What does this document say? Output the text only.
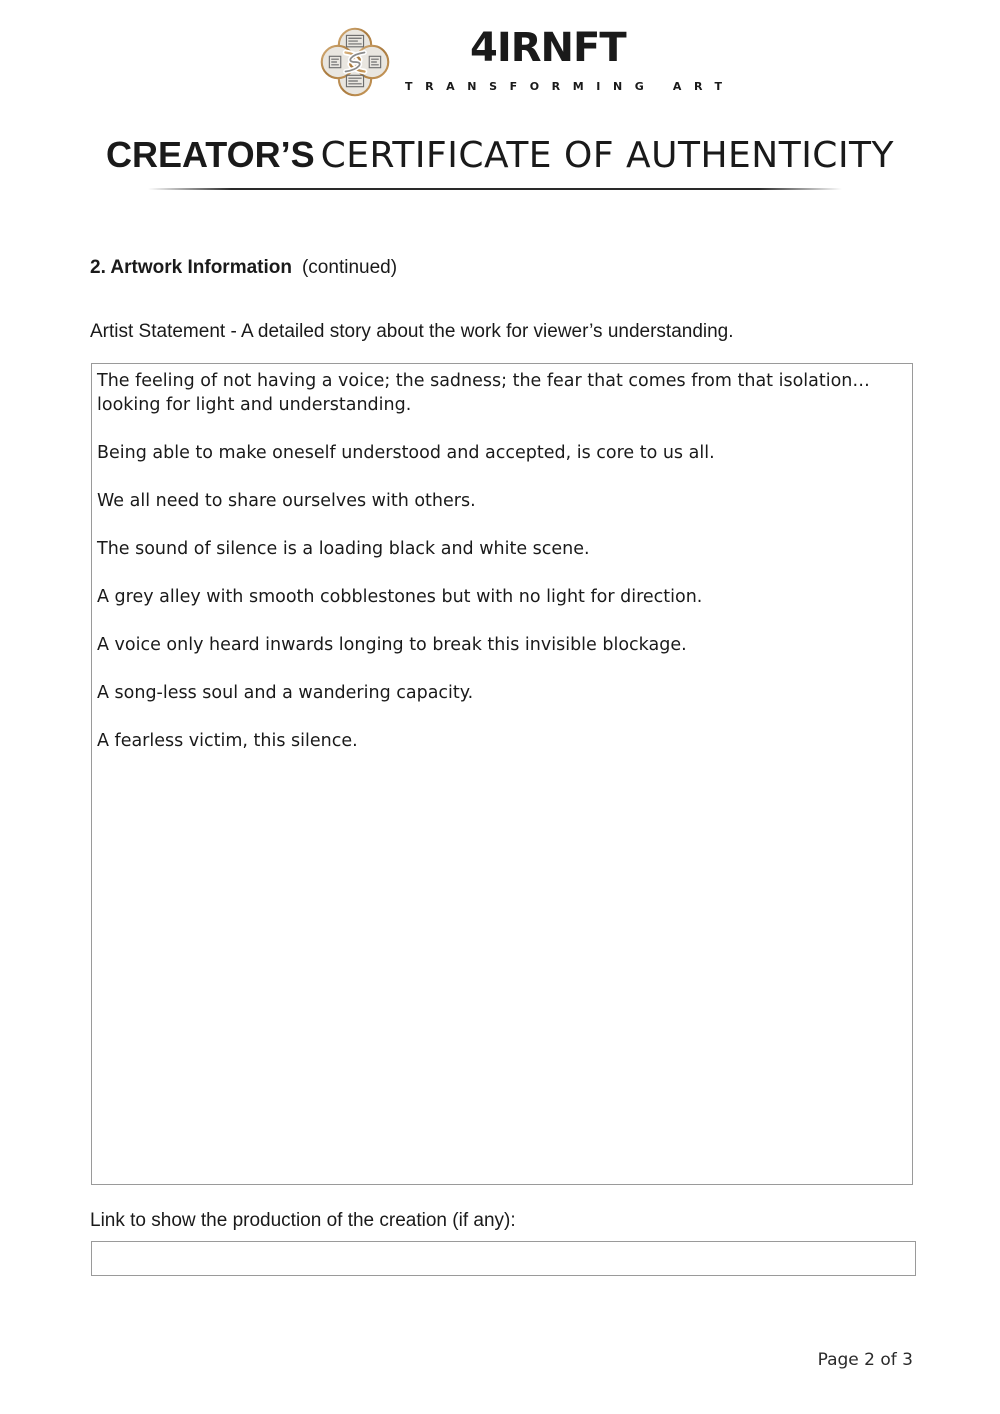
4IRNFT
TRANSFORMING ART
CREATOR’S CERTIFICATE OF AUTHENTICITY
2. Artwork Information (continued)
Artist Statement - A detailed story about the work for viewer’s understanding.

The feeling of not having a voice; the sadness; the fear that comes from that isolation… looking for light and understanding.

Being able to make oneself understood and accepted, is core to us all.

We all need to share ourselves with others.

The sound of silence is a loading black and white scene.

A grey alley with smooth cobblestones but with no light for direction.

A voice only heard inwards longing to break this invisible blockage.

A song-less soul and a wandering capacity.

A fearless victim, this silence.

Link to show the production of the creation (if any):
Page 2 of 3
